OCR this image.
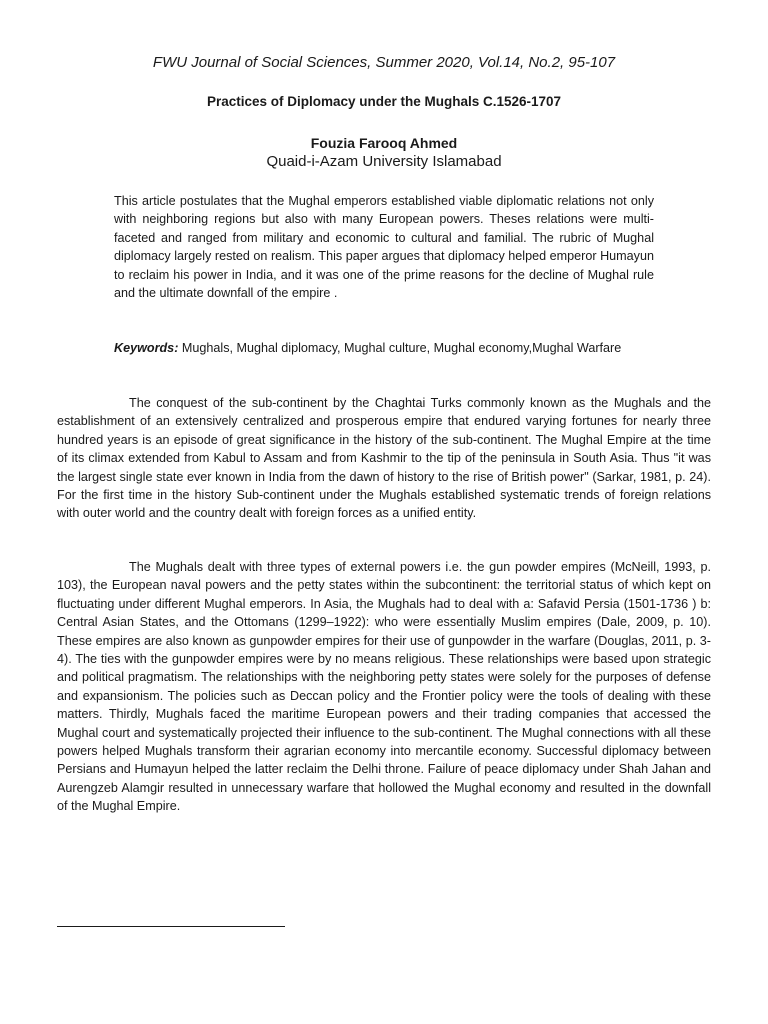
FWU Journal of Social Sciences, Summer 2020, Vol.14, No.2, 95-107
Practices of Diplomacy under the Mughals C.1526-1707
Fouzia Farooq Ahmed
Quaid-i-Azam University Islamabad

This article postulates that the Mughal emperors established viable diplomatic relations not only with neighboring regions but also with many European powers. Theses relations were multi-faceted and ranged from military and economic to cultural and familial. The rubric of Mughal diplomacy largely rested on realism. This paper argues that diplomacy helped emperor Humayun to reclaim his power in India, and it was one of the prime reasons for the decline of Mughal rule and the ultimate downfall of the empire .

Keywords: Mughals, Mughal diplomacy, Mughal culture, Mughal economy,Mughal Warfare

The conquest of the sub-continent by the Chaghtai Turks commonly known as the Mughals and the establishment of an extensively centralized and prosperous empire that endured varying fortunes for nearly three hundred years is an episode of great significance in the history of the sub-continent. The Mughal Empire at the time of its climax extended from Kabul to Assam and from Kashmir to the tip of the peninsula in South Asia. Thus "it was the largest single state ever known in India from the dawn of history to the rise of British power" (Sarkar, 1981, p. 24). For the first time in the history Sub-continent under the Mughals established systematic trends of foreign relations with outer world and the country dealt with foreign forces as a unified entity.

The Mughals dealt with three types of external powers i.e. the gun powder empires (McNeill, 1993, p. 103), the European naval powers and the petty states within the subcontinent: the territorial status of which kept on fluctuating under different Mughal emperors. In Asia, the Mughals had to deal with a: Safavid Persia (1501-1736 ) b: Central Asian States, and the Ottomans (1299–1922): who were essentially Muslim empires (Dale, 2009, p. 10). These empires are also known as gunpowder empires for their use of gunpowder in the warfare (Douglas, 2011, p. 3-4). The ties with the gunpowder empires were by no means religious. These relationships were based upon strategic and political pragmatism. The relationships with the neighboring petty states were solely for the purposes of defense and expansionism. The policies such as Deccan policy and the Frontier policy were the tools of dealing with these matters. Thirdly, Mughals faced the maritime European powers and their trading companies that accessed the Mughal court and systematically projected their influence to the sub-continent. The Mughal connections with all these powers helped Mughals transform their agrarian economy into mercantile economy. Successful diplomacy between Persians and Humayun helped the latter reclaim the Delhi throne. Failure of peace diplomacy under Shah Jahan and Aurengzeb Alamgir resulted in unnecessary warfare that hollowed the Mughal economy and resulted in the downfall of the Mughal Empire.
